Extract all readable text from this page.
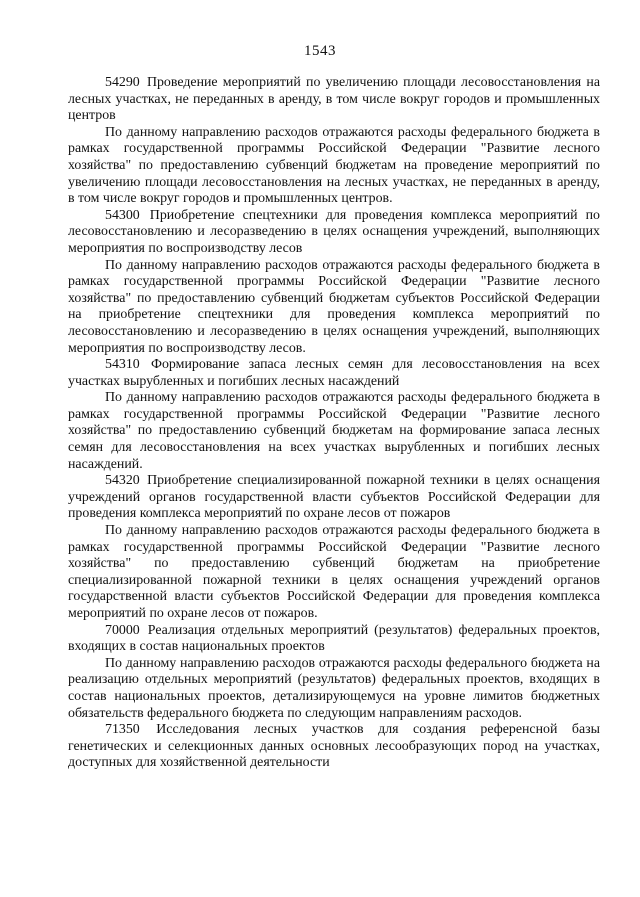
1543

54290 Проведение мероприятий по увеличению площади лесовосстановления на лесных участках, не переданных в аренду, в том числе вокруг городов и промышленных центров

По данному направлению расходов отражаются расходы федерального бюджета в рамках государственной программы Российской Федерации "Развитие лесного хозяйства" по предоставлению субвенций бюджетам на проведение мероприятий по увеличению площади лесовосстановления на лесных участках, не переданных в аренду, в том числе вокруг городов и промышленных центров.

54300 Приобретение спецтехники для проведения комплекса мероприятий по лесовосстановлению и лесоразведению в целях оснащения учреждений, выполняющих мероприятия по воспроизводству лесов

По данному направлению расходов отражаются расходы федерального бюджета в рамках государственной программы Российской Федерации "Развитие лесного хозяйства" по предоставлению субвенций бюджетам субъектов Российской Федерации на приобретение спецтехники для проведения комплекса мероприятий по лесовосстановлению и лесоразведению в целях оснащения учреждений, выполняющих мероприятия по воспроизводству лесов.

54310 Формирование запаса лесных семян для лесовосстановления на всех участках вырубленных и погибших лесных насаждений

По данному направлению расходов отражаются расходы федерального бюджета в рамках государственной программы Российской Федерации "Развитие лесного хозяйства" по предоставлению субвенций бюджетам на формирование запаса лесных семян для лесовосстановления на всех участках вырубленных и погибших лесных насаждений.

54320 Приобретение специализированной пожарной техники в целях оснащения учреждений органов государственной власти субъектов Российской Федерации для проведения комплекса мероприятий по охране лесов от пожаров

По данному направлению расходов отражаются расходы федерального бюджета в рамках государственной программы Российской Федерации "Развитие лесного хозяйства" по предоставлению субвенций бюджетам на приобретение специализированной пожарной техники в целях оснащения учреждений органов государственной власти субъектов Российской Федерации для проведения комплекса мероприятий по охране лесов от пожаров.

70000 Реализация отдельных мероприятий (результатов) федеральных проектов, входящих в состав национальных проектов

По данному направлению расходов отражаются расходы федерального бюджета на реализацию отдельных мероприятий (результатов) федеральных проектов, входящих в состав национальных проектов, детализирующемуся на уровне лимитов бюджетных обязательств федерального бюджета по следующим направлениям расходов.

71350 Исследования лесных участков для создания референсной базы генетических и селекционных данных основных лесообразующих пород на участках, доступных для хозяйственной деятельности
